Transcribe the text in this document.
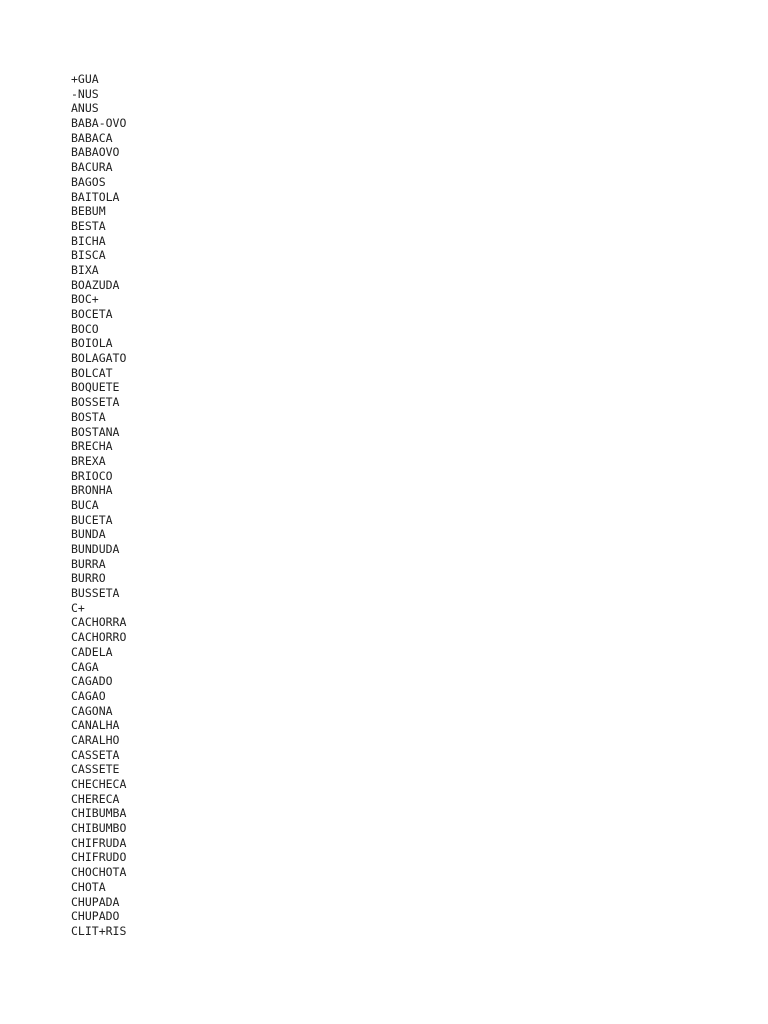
+GUA
-NUS
ANUS
BABA-OVO
BABACA
BABAOVO
BACURA
BAGOS
BAITOLA
BEBUM
BESTA
BICHA
BISCA
BIXA
BOAZUDA
BOC+
BOCETA
BOCO
BOIOLA
BOLAGATO
BOLCAT
BOQUETE
BOSSETA
BOSTA
BOSTANA
BRECHA
BREXA
BRIOCO
BRONHA
BUCA
BUCETA
BUNDA
BUNDUDA
BURRA
BURRO
BUSSETA
C+
CACHORRA
CACHORRO
CADELA
CAGA
CAGADO
CAGAO
CAGONA
CANALHA
CARALHO
CASSETA
CASSETE
CHECHECA
CHERECA
CHIBUMBA
CHIBUMBO
CHIFRUDA
CHIFRUDO
CHOCHOTA
CHOTA
CHUPADA
CHUPADO
CLIT+RIS
